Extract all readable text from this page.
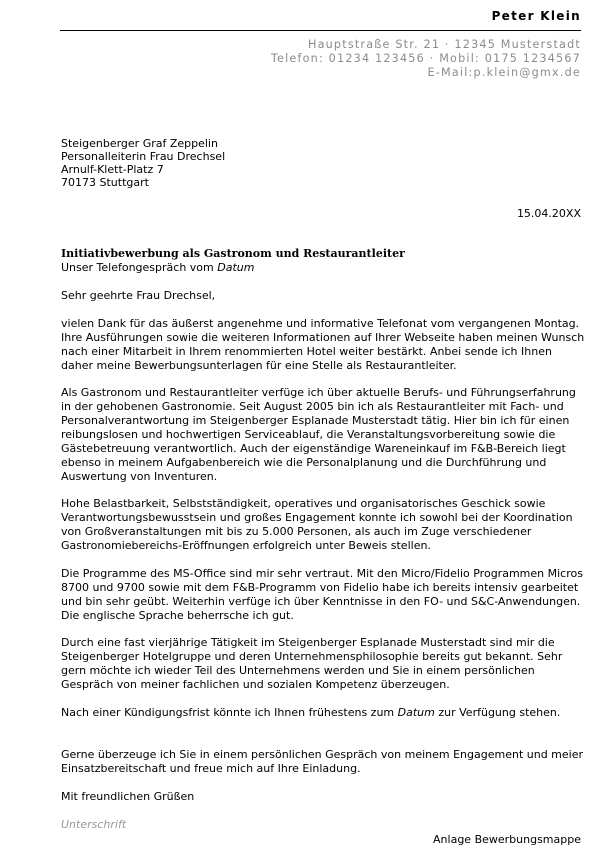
Peter Klein
Hauptstraße Str. 21 · 12345 Musterstadt
Telefon: 01234 123456 · Mobil: 0175 1234567
E-Mail:p.klein@gmx.de
Steigenberger Graf Zeppelin
Personalleiterin Frau Drechsel
Arnulf-Klett-Platz 7
70173 Stuttgart
15.04.20XX
Initiativbewerbung als Gastronom und Restaurantleiter
Unser Telefongespräch vom Datum

Sehr geehrte Frau Drechsel,

vielen Dank für das äußerst angenehme und informative Telefonat vom vergangenen Montag. Ihre Ausführungen sowie die weiteren Informationen auf Ihrer Webseite haben meinen Wunsch nach einer Mitarbeit in Ihrem renommierten Hotel weiter bestärkt. Anbei sende ich Ihnen daher meine Bewerbungsunterlagen für eine Stelle als Restaurantleiter.

Als Gastronom und Restaurantleiter verfüge ich über aktuelle Berufs- und Führungserfahrung in der gehobenen Gastronomie. Seit August 2005 bin ich als Restaurantleiter mit Fach- und Personalverantwortung im Steigenberger Esplanade Musterstadt tätig. Hier bin ich für einen reibungslosen und hochwertigen Serviceablauf, die Veranstaltungsvorbereitung sowie die Gästebetreuung verantwortlich. Auch der eigenständige Wareneinkauf im F&B-Bereich liegt ebenso in meinem Aufgabenbereich wie die Personalplanung und die Durchführung und Auswertung von Inventuren.

Hohe Belastbarkeit, Selbstständigkeit, operatives und organisatorisches Geschick sowie Verantwortungsbewusstsein und großes Engagement konnte ich sowohl bei der Koordination von Großveranstaltungen mit bis zu 5.000 Personen, als auch im Zuge verschiedener Gastronomiebereichs-Eröffnungen erfolgreich unter Beweis stellen.

Die Programme des MS-Office sind mir sehr vertraut. Mit den Micro/Fidelio Programmen Micros 8700 und 9700 sowie mit dem F&B-Programm von Fidelio habe ich bereits intensiv gearbeitet und bin sehr geübt. Weiterhin verfüge ich über Kenntnisse in den FO- und S&C-Anwendungen. Die englische Sprache beherrsche ich gut.

Durch eine fast vierjährige Tätigkeit im Steigenberger Esplanade Musterstadt sind mir die Steigenberger Hotelgruppe und deren Unternehmensphilosophie bereits gut bekannt. Sehr gern möchte ich wieder Teil des Unternehmens werden und Sie in einem persönlichen Gespräch von meiner fachlichen und sozialen Kompetenz überzeugen.

Nach einer Kündigungsfrist könnte ich Ihnen frühestens zum Datum zur Verfügung stehen.

Gerne überzeuge ich Sie in einem persönlichen Gespräch von meinem Engagement und meier Einsatzbereitschaft und freue mich auf Ihre Einladung.

Mit freundlichen Grüßen

Unterschrift
Anlage Bewerbungsmappe
